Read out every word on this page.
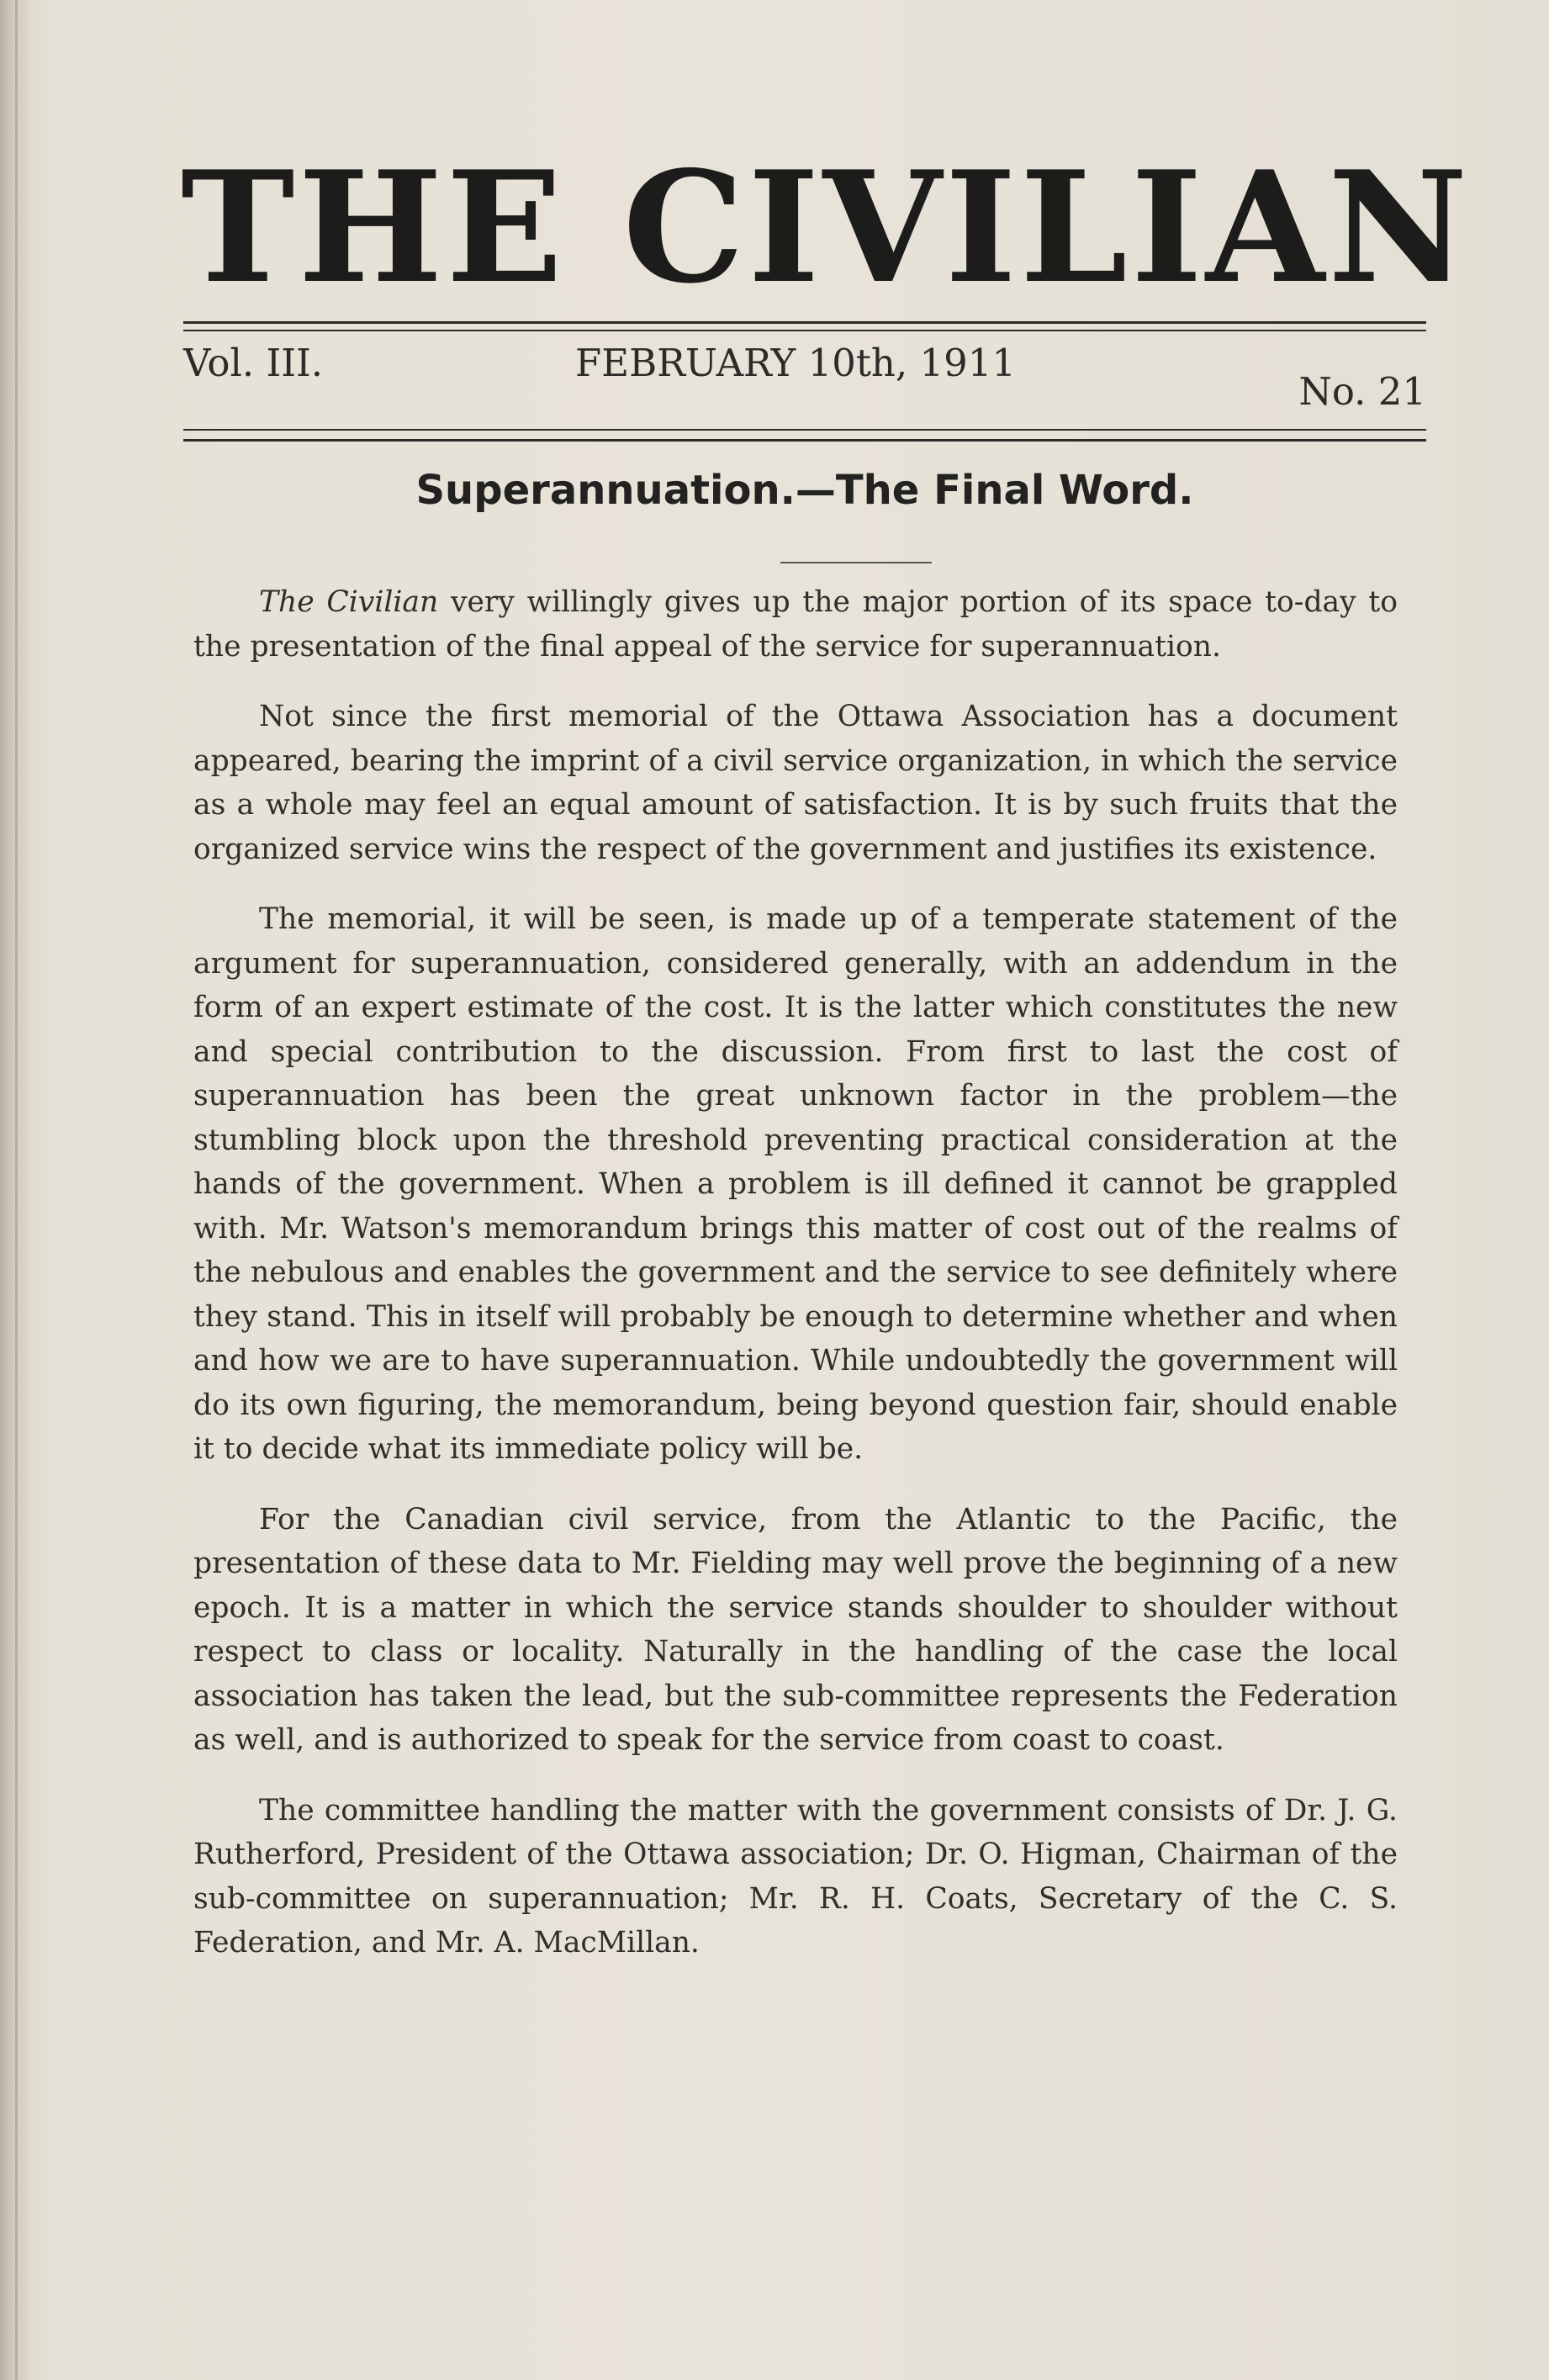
THE CIVILIAN
Vol. III.	FEBRUARY 10th, 1911
No. 21
Superannuation.—The Final Word.

The Civilian very willingly gives up the major portion of its space to-day to the presentation of the final appeal of the service for superannuation.

Not since the first memorial of the Ottawa Association has a document appeared, bearing the imprint of a civil service organization, in which the service as a whole may feel an equal amount of satisfaction. It is by such fruits that the organized service wins the respect of the government and justifies its existence.

The memorial, it will be seen, is made up of a temperate statement of the argument for superannuation, considered generally, with an addendum in the form of an expert estimate of the cost. It is the latter which constitutes the new and special contribution to the discussion. From first to last the cost of superannuation has been the great unknown factor in the problem—the stumbling block upon the threshold preventing practical consideration at the hands of the government. When a problem is ill defined it cannot be grappled with. Mr. Watson's memorandum brings this matter of cost out of the realms of the nebulous and enables the government and the service to see definitely where they stand. This in itself will probably be enough to determine whether and when and how we are to have superannuation. While undoubtedly the government will do its own figuring, the memorandum, being beyond question fair, should enable it to decide what its immediate policy will be.

For the Canadian civil service, from the Atlantic to the Pacific, the presentation of these data to Mr. Fielding may well prove the beginning of a new epoch. It is a matter in which the service stands shoulder to shoulder without respect to class or locality. Naturally in the handling of the case the local association has taken the lead, but the sub-committee represents the Federation as well, and is authorized to speak for the service from coast to coast.

The committee handling the matter with the government consists of Dr. J. G. Rutherford, President of the Ottawa association; Dr. O. Higman, Chairman of the sub-committee on superannuation; Mr. R. H. Coats, Secretary of the C. S. Federation, and Mr. A. MacMillan.
